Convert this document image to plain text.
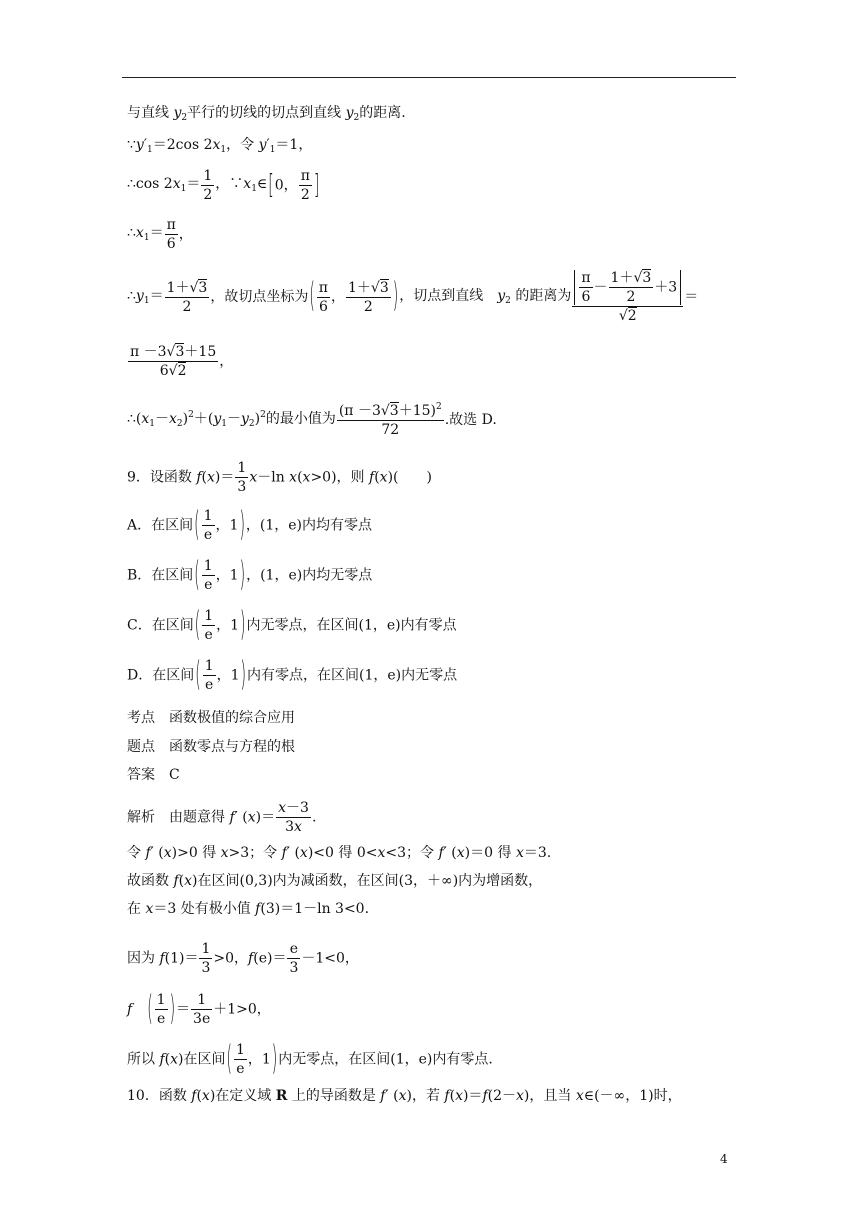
与直线 $y_2$平行的切线的切点到直线 $y_2$的距离.
$\because y'_1=2\cos$ $2x_1$，令 $y'_1=1$，
∴cos $2x_1= \frac{1}{2}$ ，$\because x_1\in[0$， $\frac{\pi}{2}$ ]
$\therefore x_1= \frac{\pi}{6}$ ，
$\therefore y_1= \frac{1+√3}{2}$ ，故切点坐标为( $\frac{\pi}{6}$ ， $\frac{1+√3}{2}$ )，切点到直线　$y_2$ 的距离为 $\frac{\frac{\pi}{6} - \frac{1+√3}{2} +3}{√2}$ ＝
$\frac{\pi -3√3+15}{6√2}$ ，
$\therefore(x_1-x_2)^2+(y_1-y_2)^2$的最小值为 $\frac{(\pi -3√3+15)^2}{72}$ .故选 D.
9．设函数 $f(x)= \frac{1}{3} x-\ln$ x(x>0)，则 f(x)(　　)
A．在区间( $\frac{1}{e}$ ，1)，(1，e)内均有零点
B．在区间( $\frac{1}{e}$ ，1)，(1，e)内均无零点
C．在区间( $\frac{1}{e}$ ，1)内无零点，在区间(1，e)内有零点
D．在区间( $\frac{1}{e}$ ，1)内有零点，在区间(1，e)内无零点
考点　函数极值的综合应用
题点　函数零点与方程的根
答案　C
解析　由题意得 f′ $(x)= \frac{x-3}{3x}$ .
令 f′ (x)>0 得 x>3；令 f′ (x)<0 得 0<x<3；令 f′ (x)＝0 得 x＝3.
故函数 f(x)在区间(0,3)内为减函数，在区间(3，＋∞)内为增函数，
在 x＝3 处有极小值 f(3)＝1－ln 3<0.
因为 $f(1)= \frac{1}{3} >0$，$f(e)= \frac{e}{3} -1<0$，
f　 ( $\frac{1}{e}$ )＝ $\frac{1}{3e} +1>0$，
所以 f(x)在区间( $\frac{1}{e}$ ，1)内无零点，在区间(1，e)内有零点.
10．函数 f(x)在定义域 R 上的导函数是 f′ (x)，若 f(x)＝f(2－x)，且当 x∈(－∞，1)时，
4
